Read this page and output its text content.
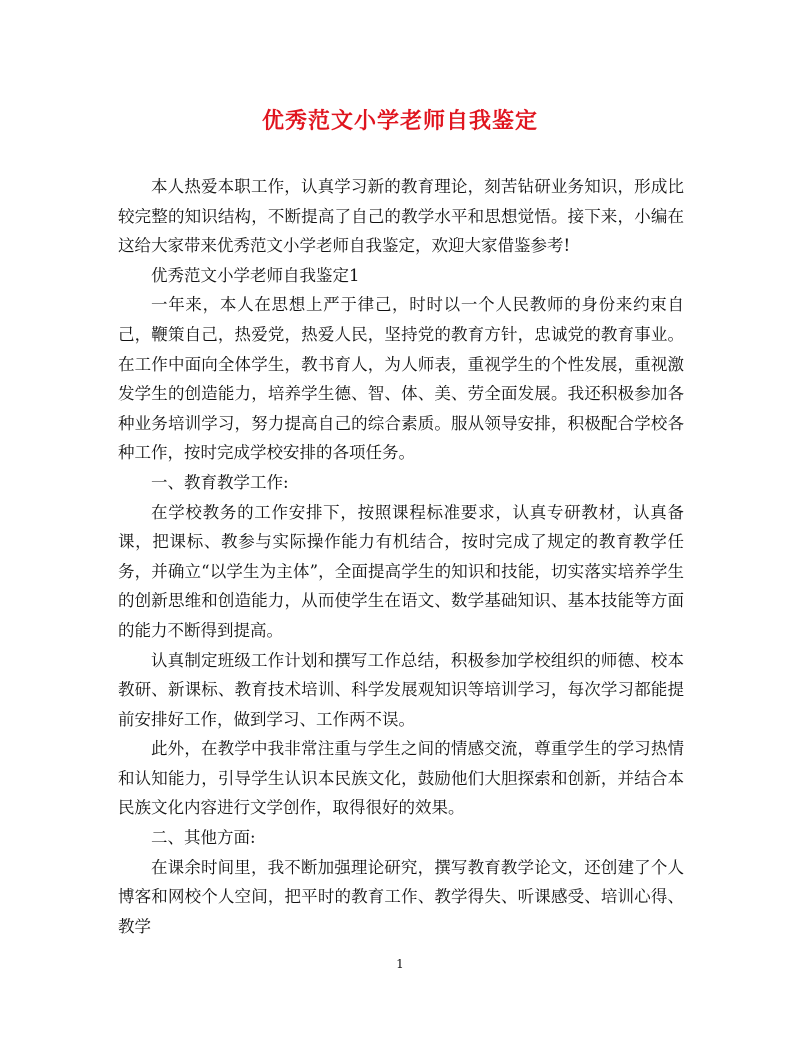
优秀范文小学老师自我鉴定

本人热爱本职工作，认真学习新的教育理论，刻苦钻研业务知识，形成比较完整的知识结构，不断提高了自己的教学水平和思想觉悟。接下来，小编在这给大家带来优秀范文小学老师自我鉴定，欢迎大家借鉴参考!

优秀范文小学老师自我鉴定1

一年来，本人在思想上严于律己，时时以一个人民教师的身份来约束自己，鞭策自己，热爱党，热爱人民，坚持党的教育方针，忠诚党的教育事业。在工作中面向全体学生，教书育人，为人师表，重视学生的个性发展，重视激发学生的创造能力，培养学生德、智、体、美、劳全面发展。我还积极参加各种业务培训学习，努力提高自己的综合素质。服从领导安排，积极配合学校各种工作，按时完成学校安排的各项任务。

一、教育教学工作:

在学校教务的工作安排下，按照课程标准要求，认真专研教材，认真备课，把课标、教参与实际操作能力有机结合，按时完成了规定的教育教学任务，并确立“以学生为主体”，全面提高学生的知识和技能，切实落实培养学生的创新思维和创造能力，从而使学生在语文、数学基础知识、基本技能等方面的能力不断得到提高。

认真制定班级工作计划和撰写工作总结，积极参加学校组织的师德、校本教研、新课标、教育技术培训、科学发展观知识等培训学习，每次学习都能提前安排好工作，做到学习、工作两不误。

此外，在教学中我非常注重与学生之间的情感交流，尊重学生的学习热情和认知能力，引导学生认识本民族文化，鼓励他们大胆探索和创新，并结合本民族文化内容进行文学创作，取得很好的效果。

二、其他方面:

在课余时间里，我不断加强理论研究，撰写教育教学论文，还创建了个人博客和网校个人空间，把平时的教育工作、教学得失、听课感受、培训心得、教学

1
